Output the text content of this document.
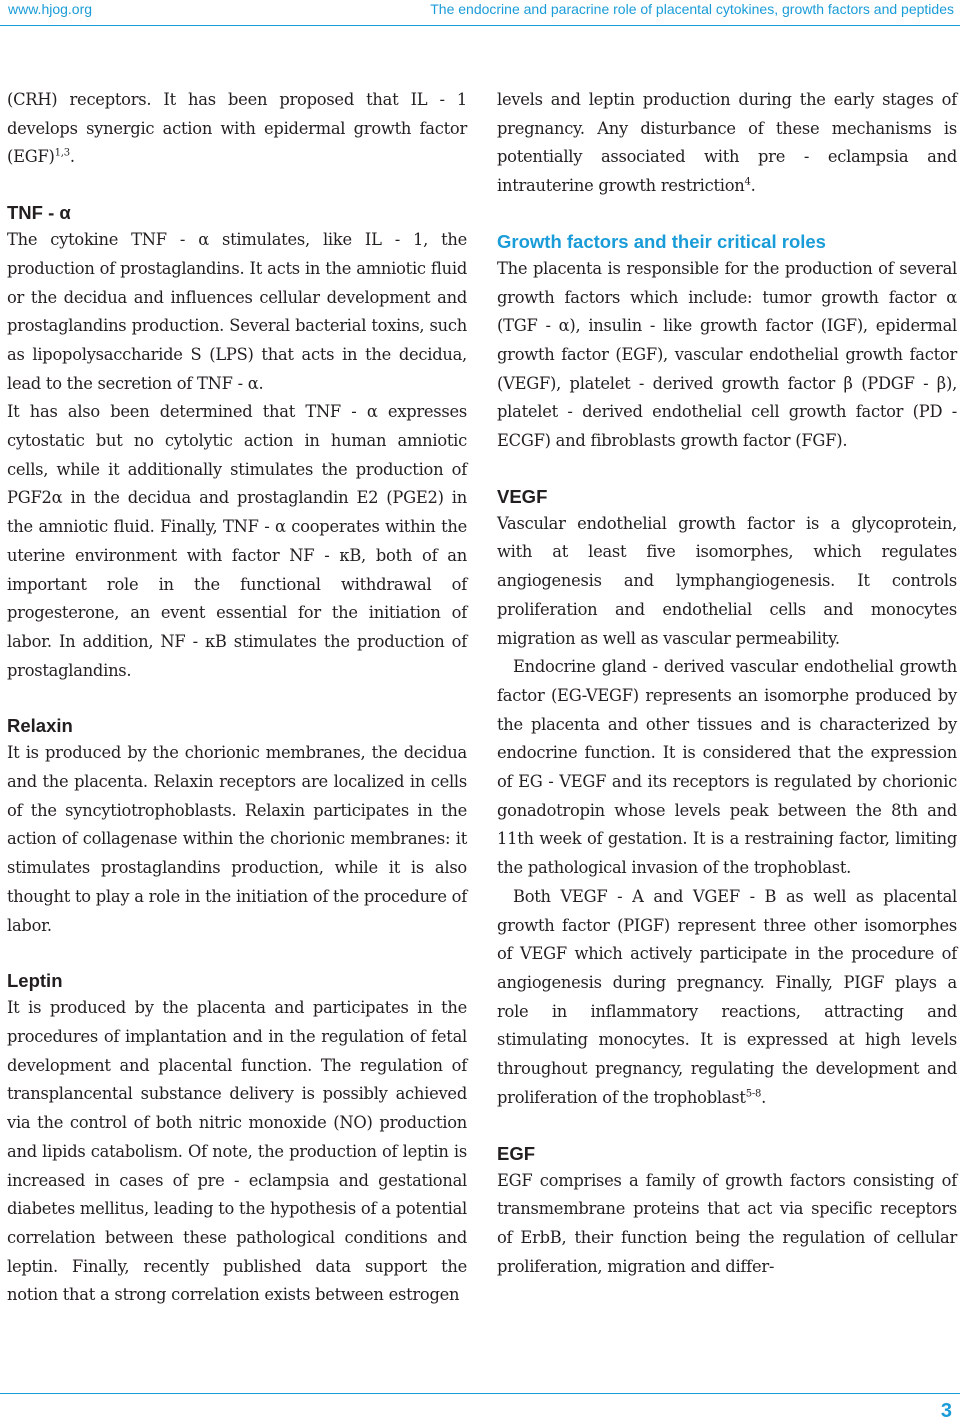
www.hjog.org	The endocrine and paracrine role of placental cytokines, growth factors and peptides

(CRH) receptors. It has been proposed that IL - 1 develops synergic action with epidermal growth factor (EGF)$^{1,3}$.

TNF - α

The cytokine TNF - α stimulates, like IL - 1, the production of prostaglandins. It acts in the amniotic fluid or the decidua and influences cellular development and prostaglandins production. Several bacterial toxins, such as lipopolysaccharide S (LPS) that acts in the decidua, lead to the secretion of TNF - α.

It has also been determined that TNF - α expresses cytostatic but no cytolytic action in human amniotic cells, while it additionally stimulates the production of PGF2α in the decidua and prostaglandin E2 (PGE2) in the amniotic fluid. Finally, TNF - α cooperates within the uterine environment with factor NF - κB, both of an important role in the functional withdrawal of progesterone, an event essential for the initiation of labor. In addition, NF - κB stimulates the production of prostaglandins.

Relaxin

It is produced by the chorionic membranes, the decidua and the placenta. Relaxin receptors are localized in cells of the syncytiotrophoblasts. Relaxin participates in the action of collagenase within the chorionic membranes: it stimulates prostaglandins production, while it is also thought to play a role in the initiation of the procedure of labor.

Leptin

It is produced by the placenta and participates in the procedures of implantation and in the regulation of fetal development and placental function. The regulation of transplancental substance delivery is possibly achieved via the control of both nitric monoxide (NO) production and lipids catabolism. Of note, the production of leptin is increased in cases of pre - eclampsia and gestational diabetes mellitus, leading to the hypothesis of a potential correlation between these pathological conditions and leptin. Finally, recently published data support the notion that a strong correlation exists between estrogen

levels and leptin production during the early stages of pregnancy. Any disturbance of these mechanisms is potentially associated with pre - eclampsia and intrauterine growth restriction$^4$.

Growth factors and their critical roles

The placenta is responsible for the production of several growth factors which include: tumor growth factor α (TGF - α), insulin - like growth factor (IGF), epidermal growth factor (EGF), vascular endothelial growth factor (VEGF), platelet - derived growth factor β (PDGF - β), platelet - derived endothelial cell growth factor (PD - ECGF) and fibroblasts growth factor (FGF).

VEGF

Vascular endothelial growth factor is a glycoprotein, with at least five isomorphes, which regulates angiogenesis and lymphangiogenesis. It controls proliferation and endothelial cells and monocytes migration as well as vascular permeability.

Endocrine gland - derived vascular endothelial growth factor (EG-VEGF) represents an isomorphe produced by the placenta and other tissues and is characterized by endocrine function. It is considered that the expression of EG - VEGF and its receptors is regulated by chorionic gonadotropin whose levels peak between the 8th and 11th week of gestation. It is a restraining factor, limiting the pathological invasion of the trophoblast.

Both VEGF - A and VGEF - B as well as placental growth factor (PIGF) represent three other isomorphes of VEGF which actively participate in the procedure of angiogenesis during pregnancy. Finally, PIGF plays a role in inflammatory reactions, attracting and stimulating monocytes. It is expressed at high levels throughout pregnancy, regulating the development and proliferation of the trophoblast$^{5-8}$.

EGF

EGF comprises a family of growth factors consisting of transmembrane proteins that act via specific receptors of ErbB, their function being the regulation of cellular proliferation, migration and differ-

3
